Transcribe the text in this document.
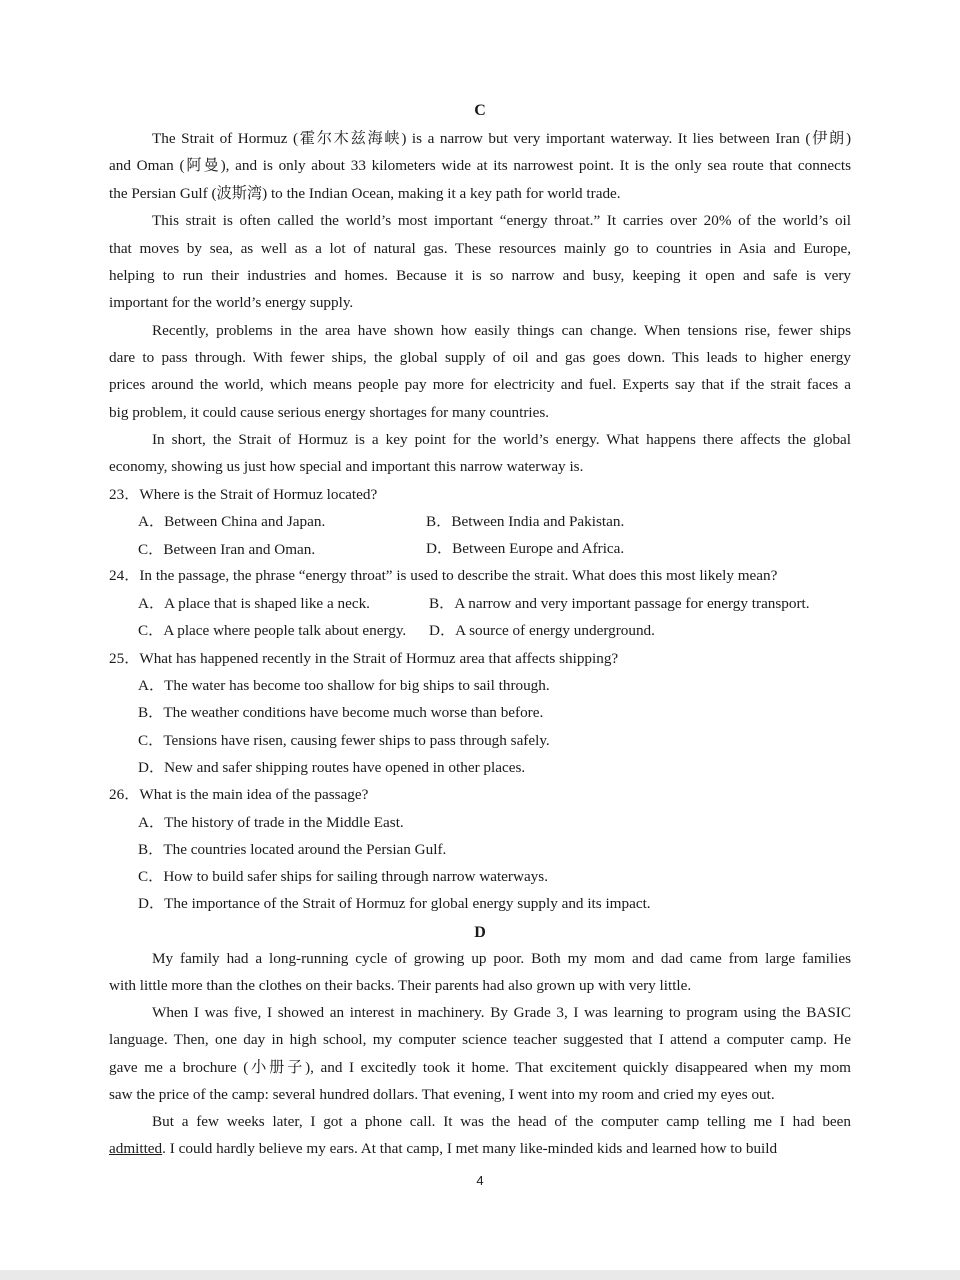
C
The Strait of Hormuz (霍尔木兹海峡) is a narrow but very important waterway. It lies between Iran (伊朗)
and Oman (阿曼), and is only about 33 kilometers wide at its narrowest point. It is the only sea route that connects
the Persian Gulf (波斯湾) to the Indian Ocean, making it a key path for world trade.
This strait is often called the world’s most important “energy throat.” It carries over 20% of the world’s oil
that moves by sea, as well as a lot of natural gas. These resources mainly go to countries in Asia and Europe,
helping to run their industries and homes. Because it is so narrow and busy, keeping it open and safe is very
important for the world’s energy supply.
Recently, problems in the area have shown how easily things can change. When tensions rise, fewer ships
dare to pass through. With fewer ships, the global supply of oil and gas goes down. This leads to higher energy
prices around the world, which means people pay more for electricity and fuel. Experts say that if the strait faces a
big problem, it could cause serious energy shortages for many countries.
In short, the Strait of Hormuz is a key point for the world’s energy. What happens there affects the global
economy, showing us just how special and important this narrow waterway is.
23．Where is the Strait of Hormuz located?
A．Between China and Japan.	B．Between India and Pakistan.
C．Between Iran and Oman.	D．Between Europe and Africa.
24．In the passage, the phrase “energy throat” is used to describe the strait. What does this most likely mean?
A．A place that is shaped like a neck.	B．A narrow and very important passage for energy transport.
C．A place where people talk about energy. D．A source of energy underground.
25．What has happened recently in the Strait of Hormuz area that affects shipping?
A．The water has become too shallow for big ships to sail through.
B．The weather conditions have become much worse than before.
C．Tensions have risen, causing fewer ships to pass through safely.
D．New and safer shipping routes have opened in other places.
26．What is the main idea of the passage?
A．The history of trade in the Middle East.
B．The countries located around the Persian Gulf.
C．How to build safer ships for sailing through narrow waterways.
D．The importance of the Strait of Hormuz for global energy supply and its impact.
D
My family had a long-running cycle of growing up poor. Both my mom and dad came from large families
with little more than the clothes on their backs. Their parents had also grown up with very little.
When I was five, I showed an interest in machinery. By Grade 3, I was learning to program using the BASIC
language. Then, one day in high school, my computer science teacher suggested that I attend a computer camp. He
gave me a brochure (小册子), and I excitedly took it home. That excitement quickly disappeared when my mom
saw the price of the camp: several hundred dollars. That evening, I went into my room and cried my eyes out.
But a few weeks later, I got a phone call. It was the head of the computer camp telling me I had been
admitted. I could hardly believe my ears. At that camp, I met many like-minded kids and learned how to build
4
